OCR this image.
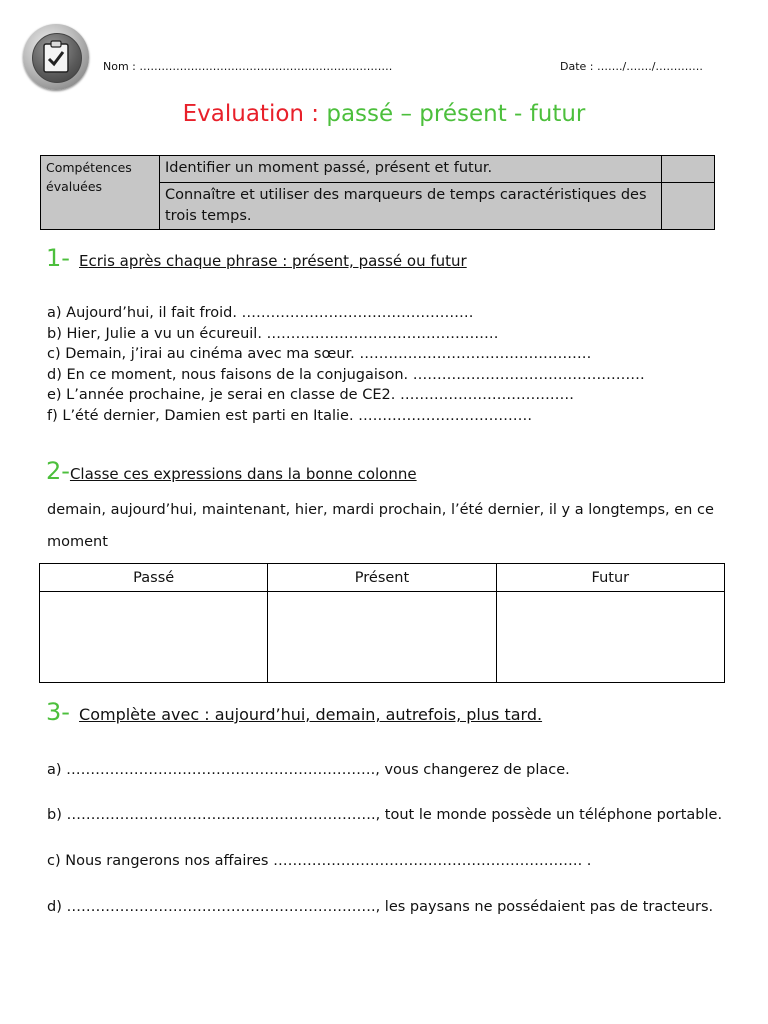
Nom : ……………………………………………………………	Date : ……./……./………….
Evaluation : passé – présent - futur
Compétences évaluées	Identifier un moment passé, présent et futur.	
	Connaître et utiliser des marqueurs de temps caractéristiques des trois temps.	
1- Ecris après chaque phrase : présent, passé ou futur
a) Aujourd’hui, il fait froid. …………………………………………
b) Hier, Julie a vu un écureuil. …………………………………………
c) Demain, j’irai au cinéma avec ma sœur. …………………………………………
d) En ce moment, nous faisons de la conjugaison. …………………………………………
e) L’année prochaine, je serai en classe de CE2. ………………………………
f) L’été dernier, Damien est parti en Italie. ………………………………
2-Classe ces expressions dans la bonne colonne
demain, aujourd’hui, maintenant, hier, mardi prochain, l’été dernier, il y a longtemps, en ce
moment
Passé	Présent	Futur

3- Complète avec : aujourd’hui, demain, autrefois, plus tard.
a) ………………………………………………………., vous changerez de place.
b) ………………………………………………………., tout le monde possède un téléphone portable.
c) Nous rangerons nos affaires ………………………………………………………. .
d) ………………………………………………………., les paysans ne possédaient pas de tracteurs.
